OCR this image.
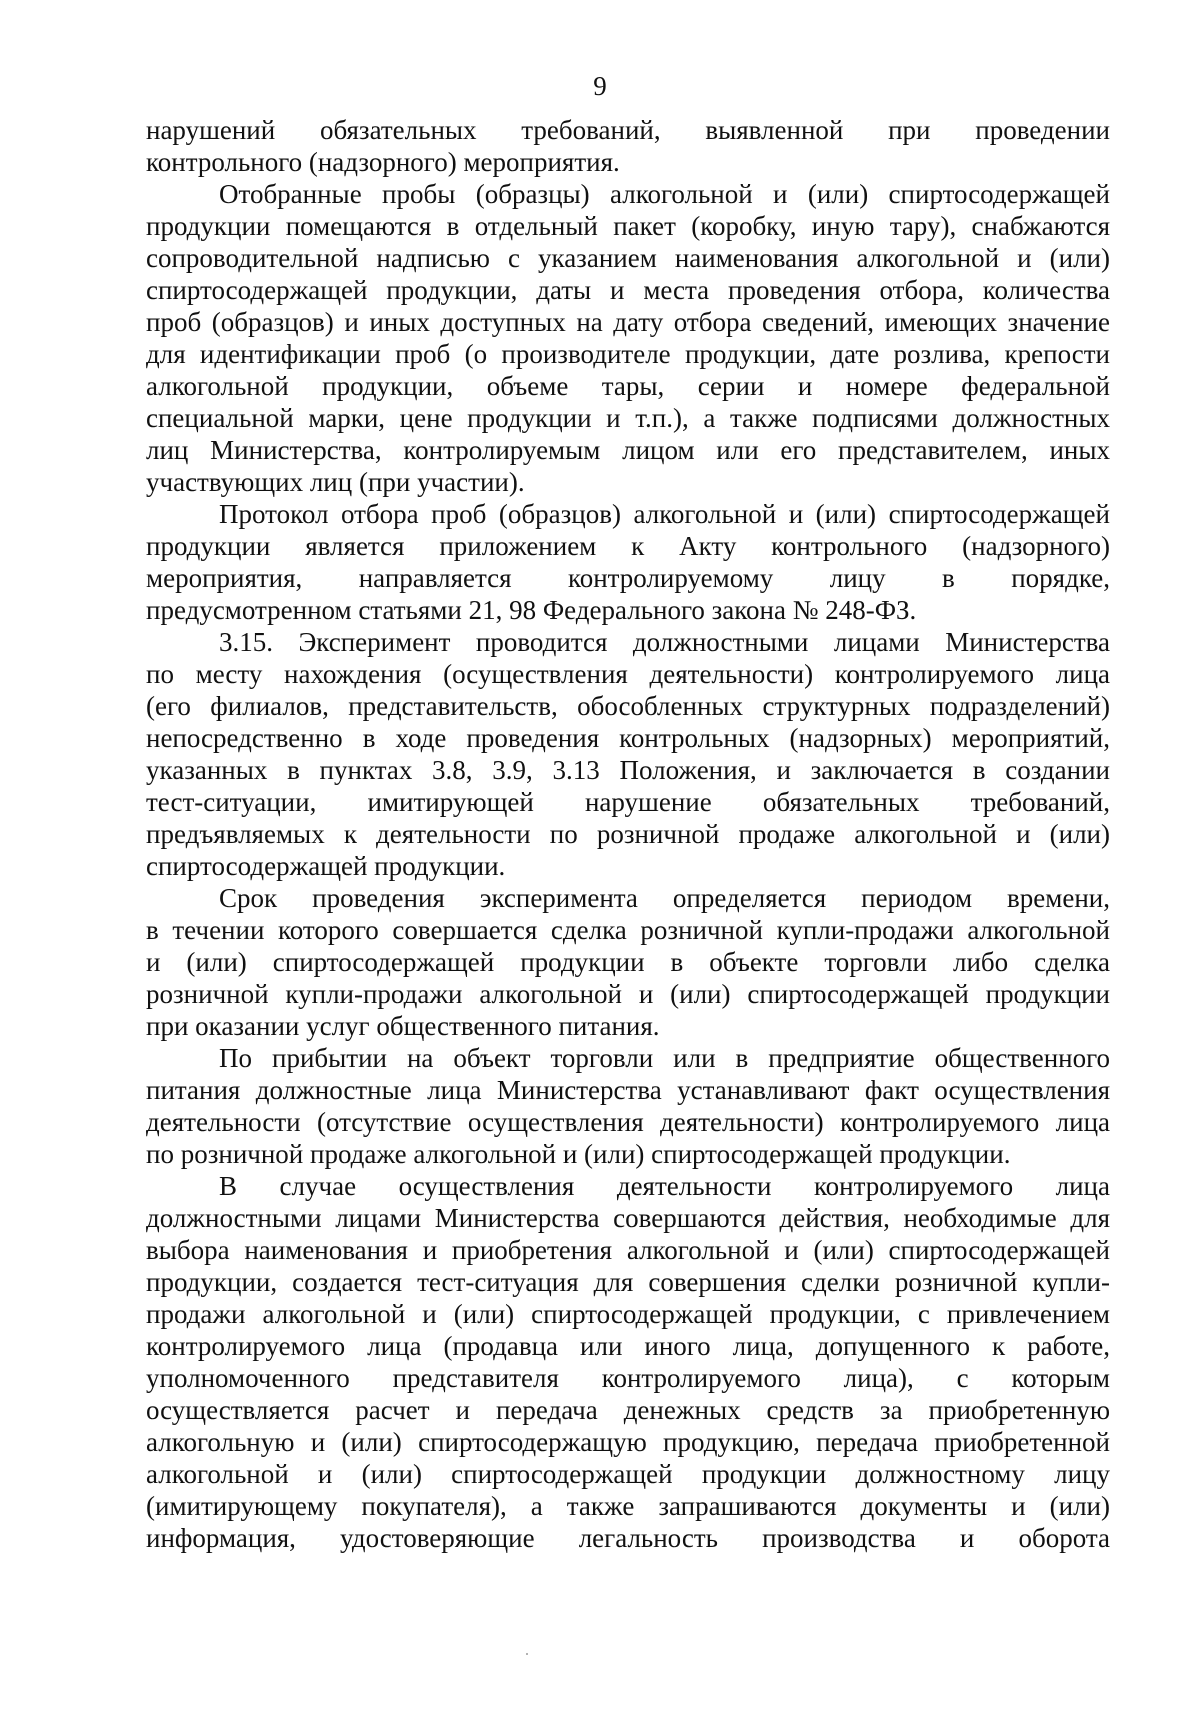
9
нарушений обязательных требований, выявленной при проведении
контрольного (надзорного) мероприятия.
Отобранные пробы (образцы) алкогольной и (или) спиртосодержащей
продукции помещаются в отдельный пакет (коробку, иную тару), снабжаются
сопроводительной надписью с указанием наименования алкогольной и (или)
спиртосодержащей продукции, даты и места проведения отбора, количества
проб (образцов) и иных доступных на дату отбора сведений, имеющих значение
для идентификации проб (о производителе продукции, дате розлива, крепости
алкогольной продукции, объеме тары, серии и номере федеральной
специальной марки, цене продукции и т.п.), а также подписями должностных
лиц Министерства, контролируемым лицом или его представителем, иных
участвующих лиц (при участии).
Протокол отбора проб (образцов) алкогольной и (или) спиртосодержащей
продукции является приложением к Акту контрольного (надзорного)
мероприятия, направляется контролируемому лицу в порядке,
предусмотренном статьями 21, 98 Федерального закона № 248-ФЗ.
3.15. Эксперимент проводится должностными лицами Министерства
по месту нахождения (осуществления деятельности) контролируемого лица
(его филиалов, представительств, обособленных структурных подразделений)
непосредственно в ходе проведения контрольных (надзорных) мероприятий,
указанных в пунктах 3.8, 3.9, 3.13 Положения, и заключается в создании
тест-ситуации, имитирующей нарушение обязательных требований,
предъявляемых к деятельности по розничной продаже алкогольной и (или)
спиртосодержащей продукции.
Срок проведения эксперимента определяется периодом времени,
в течении которого совершается сделка розничной купли-продажи алкогольной
и (или) спиртосодержащей продукции в объекте торговли либо сделка
розничной купли-продажи алкогольной и (или) спиртосодержащей продукции
при оказании услуг общественного питания.
По прибытии на объект торговли или в предприятие общественного
питания должностные лица Министерства устанавливают факт осуществления
деятельности (отсутствие осуществления деятельности) контролируемого лица
по розничной продаже алкогольной и (или) спиртосодержащей продукции.
В случае осуществления деятельности контролируемого лица
должностными лицами Министерства совершаются действия, необходимые для
выбора наименования и приобретения алкогольной и (или) спиртосодержащей
продукции, создается тест-ситуация для совершения сделки розничной купли-
продажи алкогольной и (или) спиртосодержащей продукции, с привлечением
контролируемого лица (продавца или иного лица, допущенного к работе,
уполномоченного представителя контролируемого лица), с которым
осуществляется расчет и передача денежных средств за приобретенную
алкогольную и (или) спиртосодержащую продукцию, передача приобретенной
алкогольной и (или) спиртосодержащей продукции должностному лицу
(имитирующему покупателя), а также запрашиваются документы и (или)
информация, удостоверяющие легальность производства и оборота
